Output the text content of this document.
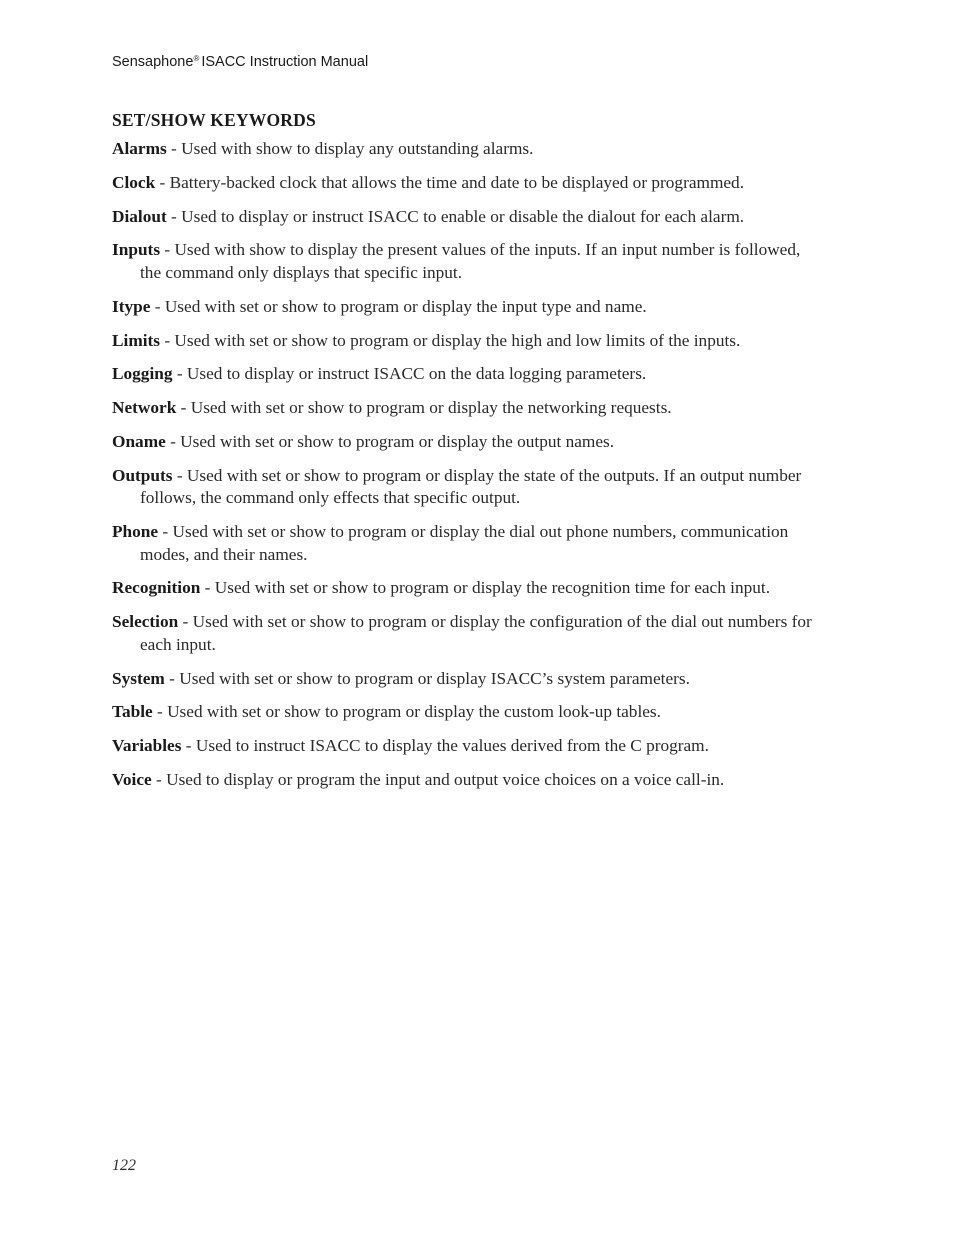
Sensaphone® ISACC Instruction Manual
SET/SHOW KEYWORDS

Alarms - Used with show to display any outstanding alarms.

Clock - Battery-backed clock that allows the time and date to be displayed or programmed.

Dialout - Used to display or instruct ISACC to enable or disable the dialout for each alarm.

Inputs - Used with show to display the present values of the inputs. If an input number is followed, the command only displays that specific input.

Itype - Used with set or show to program or display the input type and name.

Limits - Used with set or show to program or display the high and low limits of the inputs.

Logging - Used to display or instruct ISACC on the data logging parameters.

Network - Used with set or show to program or display the networking requests.

Oname - Used with set or show to program or display the output names.

Outputs - Used with set or show to program or display the state of the outputs. If an output number follows, the command only effects that specific output.

Phone - Used with set or show to program or display the dial out phone numbers, communication modes, and their names.

Recognition - Used with set or show to program or display the recognition time for each input.

Selection - Used with set or show to program or display the configuration of the dial out numbers for each input.

System - Used with set or show to program or display ISACC’s system parameters.

Table - Used with set or show to program or display the custom look-up tables.

Variables - Used to instruct ISACC to display the values derived from the C program.

Voice - Used to display or program the input and output voice choices on a voice call-in.

122
